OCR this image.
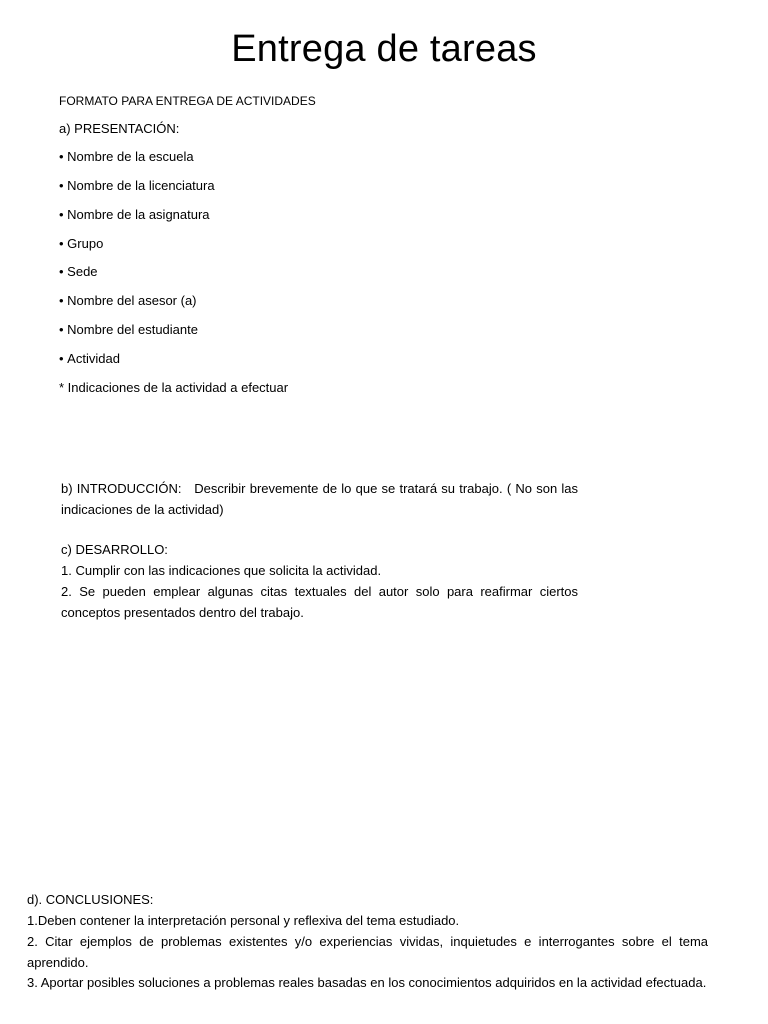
Entrega de tareas
FORMATO PARA ENTREGA DE ACTIVIDADES
a) PRESENTACIÓN:
• Nombre de la escuela
• Nombre de la licenciatura
• Nombre de la asignatura
• Grupo
• Sede
• Nombre del asesor (a)
• Nombre del estudiante
• Actividad
* Indicaciones de la actividad a efectuar

b) INTRODUCCIÓN: Describir brevemente de lo que se tratará su trabajo. ( No son las indicaciones de la actividad)

c) DESARROLLO:
1. Cumplir con las indicaciones que solicita la actividad.

2. Se pueden emplear algunas citas textuales del autor solo para reafirmar ciertos conceptos presentados dentro del trabajo.

d). CONCLUSIONES:
1.Deben contener la interpretación personal y reflexiva del tema estudiado.

2. Citar ejemplos de problemas existentes y/o experiencias vividas, inquietudes e interrogantes sobre el tema aprendido.

3. Aportar posibles soluciones a problemas reales basadas en los conocimientos adquiridos en la actividad efectuada.
